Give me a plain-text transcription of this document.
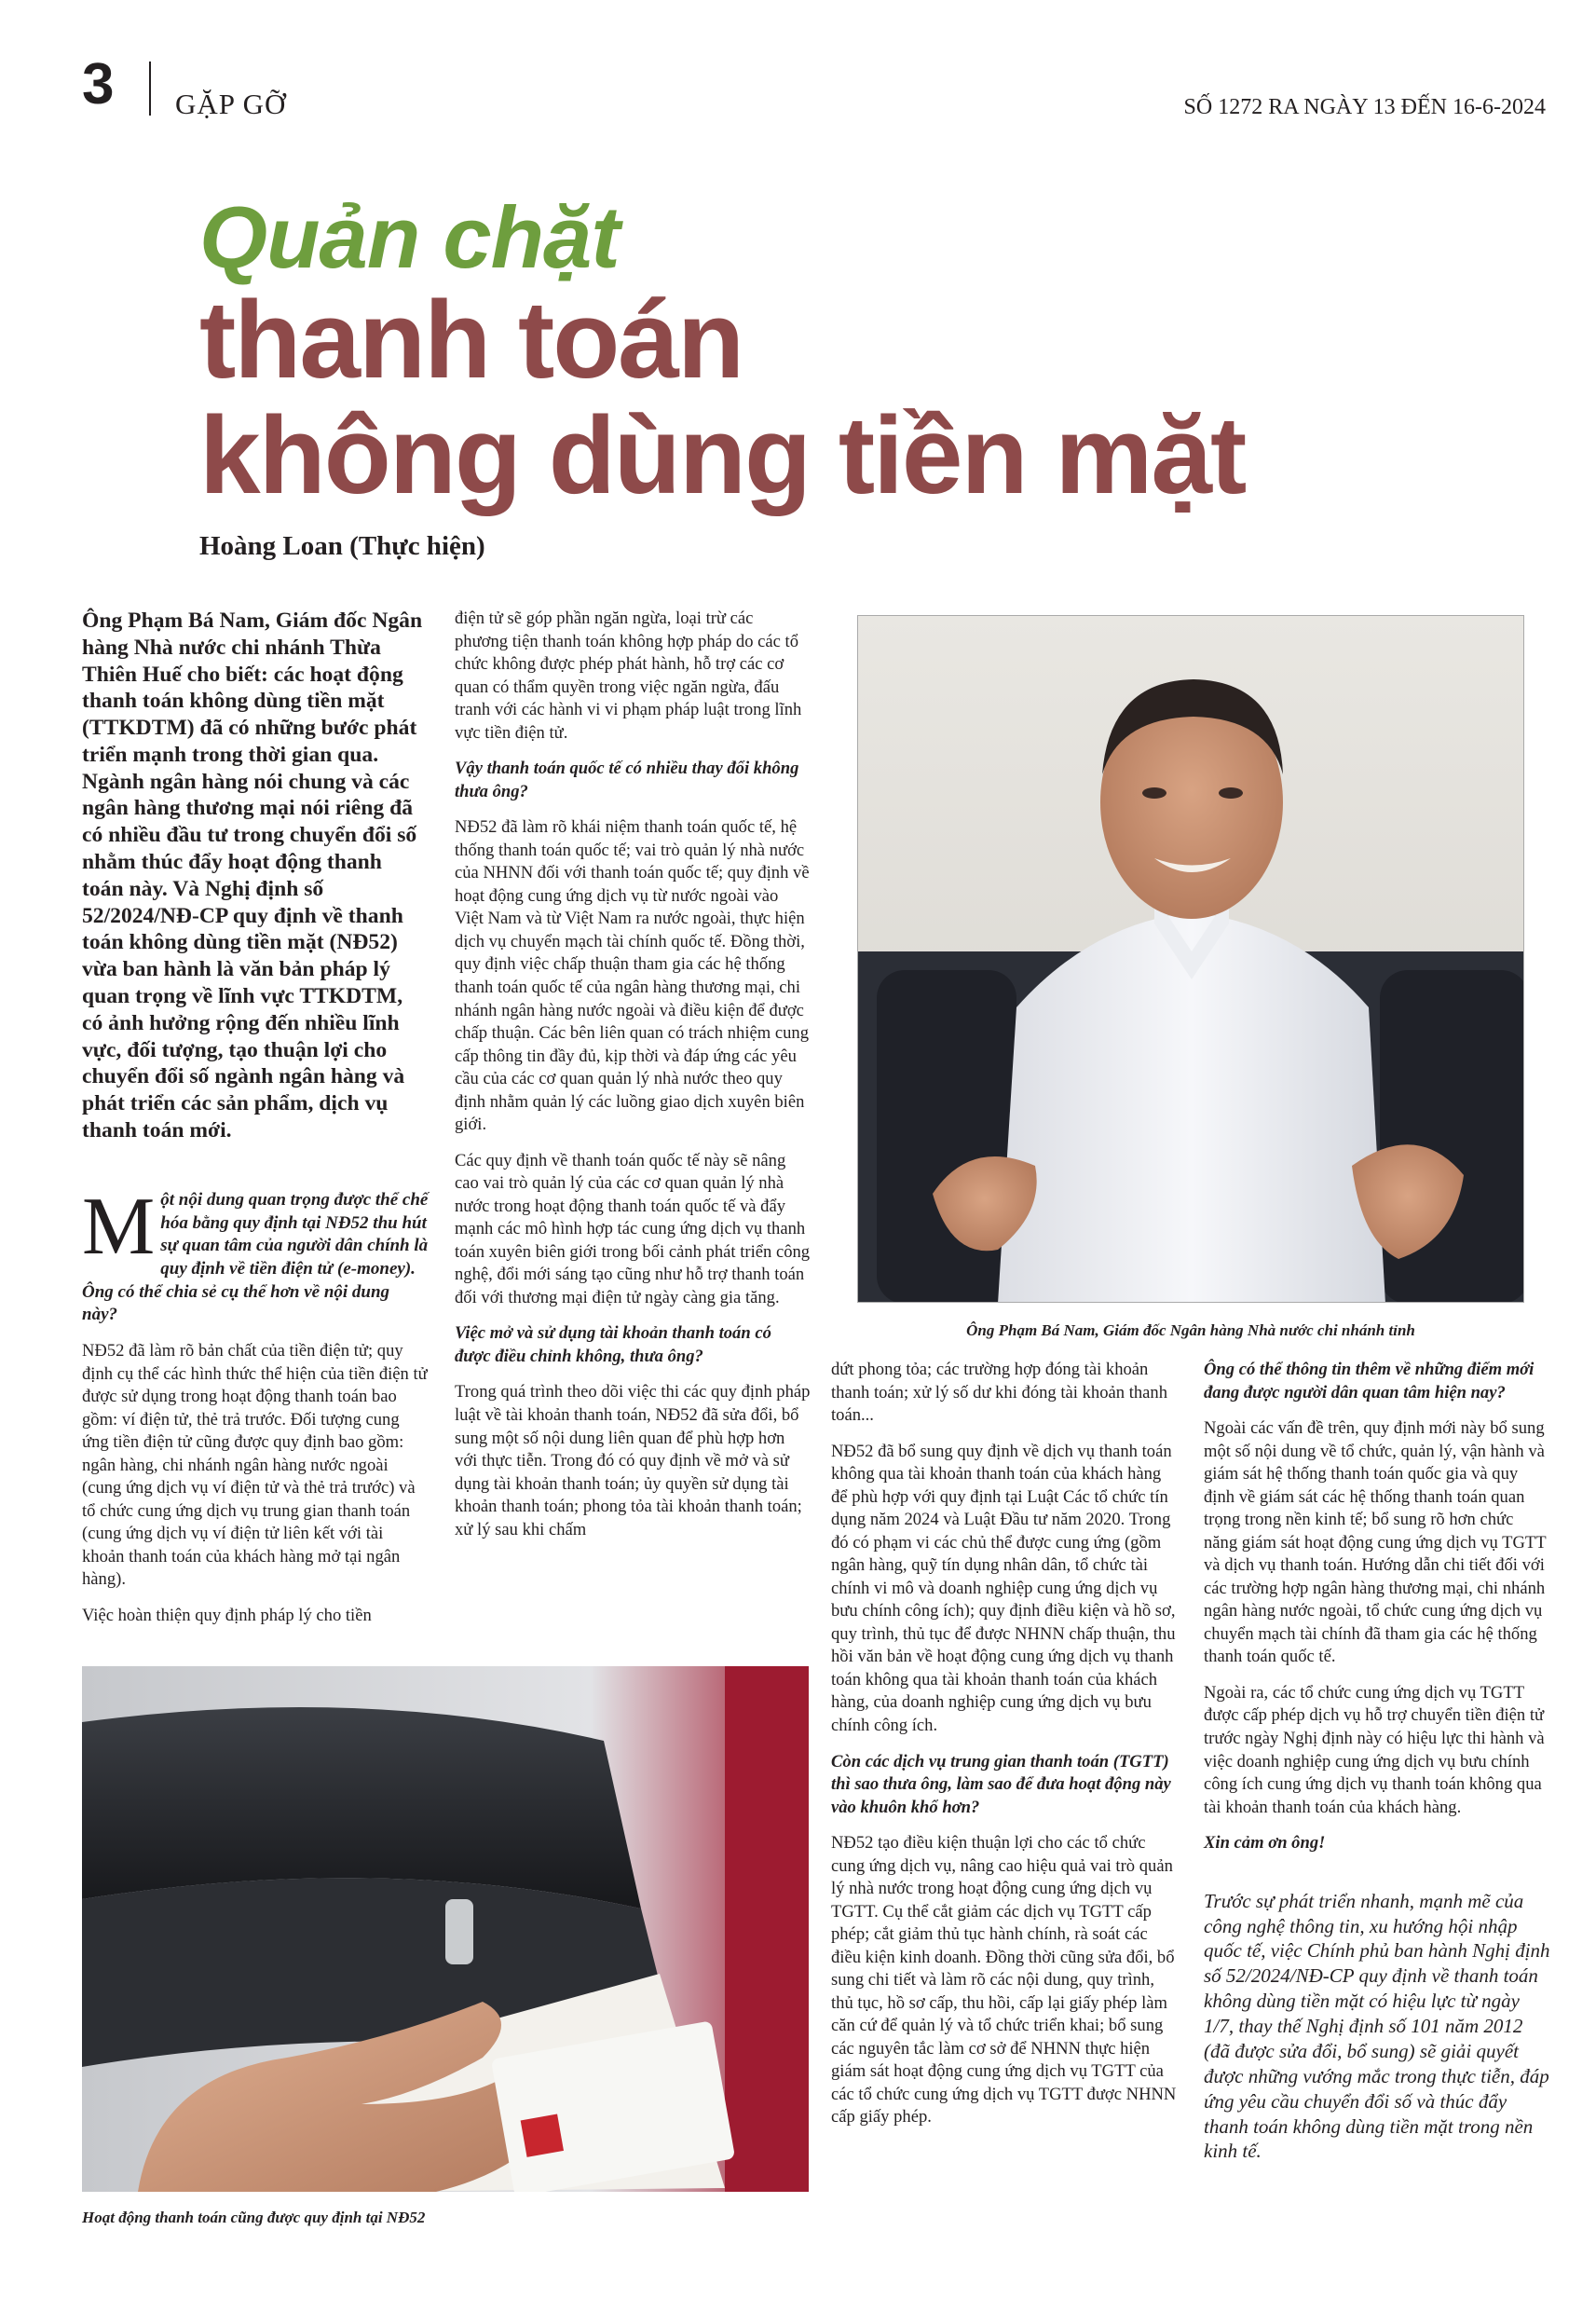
3 GẶP GỠ	SỐ 1272 RA NGÀY 13 ĐẾN 16-6-2024
Quản chặt
thanh toán
không dùng tiền mặt
Hoàng Loan (Thực hiện)

Ông Phạm Bá Nam, Giám đốc Ngân hàng Nhà nước chi nhánh Thừa Thiên Huế cho biết: các hoạt động thanh toán không dùng tiền mặt (TTKDTM) đã có những bước phát triển mạnh trong thời gian qua. Ngành ngân hàng nói chung và các ngân hàng thương mại nói riêng đã có nhiều đầu tư trong chuyển đổi số nhằm thúc đẩy hoạt động thanh toán này. Và Nghị định số 52/2024/NĐ-CP quy định về thanh toán không dùng tiền mặt (NĐ52) vừa ban hành là văn bản pháp lý quan trọng về lĩnh vực TTKDTM, có ảnh hưởng rộng đến nhiều lĩnh vực, đối tượng, tạo thuận lợi cho chuyển đổi số ngành ngân hàng và phát triển các sản phẩm, dịch vụ thanh toán mới.

Một nội dung quan trọng được thể chế hóa bằng quy định tại NĐ52 thu hút sự quan tâm của người dân chính là quy định về tiền điện tử (e-money). Ông có thể chia sẻ cụ thể hơn về nội dung này?

NĐ52 đã làm rõ bản chất của tiền điện tử; quy định cụ thể các hình thức thể hiện của tiền điện tử được sử dụng trong hoạt động thanh toán bao gồm: ví điện tử, thẻ trả trước. Đối tượng cung ứng tiền điện tử cũng được quy định bao gồm: ngân hàng, chi nhánh ngân hàng nước ngoài (cung ứng dịch vụ ví điện tử và thẻ trả trước) và tổ chức cung ứng dịch vụ trung gian thanh toán (cung ứng dịch vụ ví điện tử liên kết với tài khoản thanh toán của khách hàng mở tại ngân hàng).

Việc hoàn thiện quy định pháp lý cho tiền

điện tử sẽ góp phần ngăn ngừa, loại trừ các phương tiện thanh toán không hợp pháp do các tổ chức không được phép phát hành, hỗ trợ các cơ quan có thẩm quyền trong việc ngăn ngừa, đấu tranh với các hành vi vi phạm pháp luật trong lĩnh vực tiền điện tử.

Vậy thanh toán quốc tế có nhiều thay đổi không thưa ông?

NĐ52 đã làm rõ khái niệm thanh toán quốc tế, hệ thống thanh toán quốc tế; vai trò quản lý nhà nước của NHNN đối với thanh toán quốc tế; quy định về hoạt động cung ứng dịch vụ từ nước ngoài vào Việt Nam và từ Việt Nam ra nước ngoài, thực hiện dịch vụ chuyển mạch tài chính quốc tế. Đồng thời, quy định việc chấp thuận tham gia các hệ thống thanh toán quốc tế của ngân hàng thương mại, chi nhánh ngân hàng nước ngoài và điều kiện để được chấp thuận. Các bên liên quan có trách nhiệm cung cấp thông tin đầy đủ, kịp thời và đáp ứng các yêu cầu của các cơ quan quản lý nhà nước theo quy định nhằm quản lý các luồng giao dịch xuyên biên giới.

Các quy định về thanh toán quốc tế này sẽ nâng cao vai trò quản lý của các cơ quan quản lý nhà nước trong hoạt động thanh toán quốc tế và đẩy mạnh các mô hình hợp tác cung ứng dịch vụ thanh toán xuyên biên giới trong bối cảnh phát triển công nghệ, đổi mới sáng tạo cũng như hỗ trợ thanh toán đối với thương mại điện tử ngày càng gia tăng.

Việc mở và sử dụng tài khoản thanh toán có được điều chỉnh không, thưa ông?

Trong quá trình theo dõi việc thi các quy định pháp luật về tài khoản thanh toán, NĐ52 đã sửa đổi, bổ sung một số nội dung liên quan để phù hợp hơn với thực tiễn. Trong đó có quy định về mở và sử dụng tài khoản thanh toán; ủy quyền sử dụng tài khoản thanh toán; phong tỏa tài khoản thanh toán; xử lý sau khi chấm

Ông Phạm Bá Nam, Giám đốc Ngân hàng Nhà nước chi nhánh tỉnh
Hoạt động thanh toán cũng được quy định tại NĐ52

dứt phong tỏa; các trường hợp đóng tài khoản thanh toán; xử lý số dư khi đóng tài khoản thanh toán...

NĐ52 đã bổ sung quy định về dịch vụ thanh toán không qua tài khoản thanh toán của khách hàng để phù hợp với quy định tại Luật Các tổ chức tín dụng năm 2024 và Luật Đầu tư năm 2020. Trong đó có phạm vi các chủ thể được cung ứng (gồm ngân hàng, quỹ tín dụng nhân dân, tổ chức tài chính vi mô và doanh nghiệp cung ứng dịch vụ bưu chính công ích); quy định điều kiện và hồ sơ, quy trình, thủ tục để được NHNN chấp thuận, thu hồi văn bản về hoạt động cung ứng dịch vụ thanh toán không qua tài khoản thanh toán của khách hàng, của doanh nghiệp cung ứng dịch vụ bưu chính công ích.

Còn các dịch vụ trung gian thanh toán (TGTT) thì sao thưa ông, làm sao để đưa hoạt động này vào khuôn khổ hơn?

NĐ52 tạo điều kiện thuận lợi cho các tổ chức cung ứng dịch vụ, nâng cao hiệu quả vai trò quản lý nhà nước trong hoạt động cung ứng dịch vụ TGTT. Cụ thể cắt giảm các dịch vụ TGTT cấp phép; cắt giảm thủ tục hành chính, rà soát các điều kiện kinh doanh. Đồng thời cũng sửa đổi, bổ sung chi tiết và làm rõ các nội dung, quy trình, thủ tục, hồ sơ cấp, thu hồi, cấp lại giấy phép làm căn cứ để quản lý và tổ chức triển khai; bổ sung các nguyên tắc làm cơ sở để NHNN thực hiện giám sát hoạt động cung ứng dịch vụ TGTT của các tổ chức cung ứng dịch vụ TGTT được NHNN cấp giấy phép.

Ông có thể thông tin thêm về những điểm mới đang được người dân quan tâm hiện nay?

Ngoài các vấn đề trên, quy định mới này bổ sung một số nội dung về tổ chức, quản lý, vận hành và giám sát hệ thống thanh toán quốc gia và quy định về giám sát các hệ thống thanh toán quan trọng trong nền kinh tế; bổ sung rõ hơn chức năng giám sát hoạt động cung ứng dịch vụ TGTT và dịch vụ thanh toán. Hướng dẫn chi tiết đối với các trường hợp ngân hàng thương mại, chi nhánh ngân hàng nước ngoài, tổ chức cung ứng dịch vụ chuyển mạch tài chính đã tham gia các hệ thống thanh toán quốc tế.

Ngoài ra, các tổ chức cung ứng dịch vụ TGTT được cấp phép dịch vụ hỗ trợ chuyển tiền điện tử trước ngày Nghị định này có hiệu lực thi hành và việc doanh nghiệp cung ứng dịch vụ bưu chính công ích cung ứng dịch vụ thanh toán không qua tài khoản thanh toán của khách hàng.

Xin cảm ơn ông!

Trước sự phát triển nhanh, mạnh mẽ của công nghệ thông tin, xu hướng hội nhập quốc tế, việc Chính phủ ban hành Nghị định số 52/2024/NĐ-CP quy định về thanh toán không dùng tiền mặt có hiệu lực từ ngày 1/7, thay thế Nghị định số 101 năm 2012 (đã được sửa đổi, bổ sung) sẽ giải quyết được những vướng mắc trong thực tiễn, đáp ứng yêu cầu chuyển đổi số và thúc đẩy thanh toán không dùng tiền mặt trong nền kinh tế.
